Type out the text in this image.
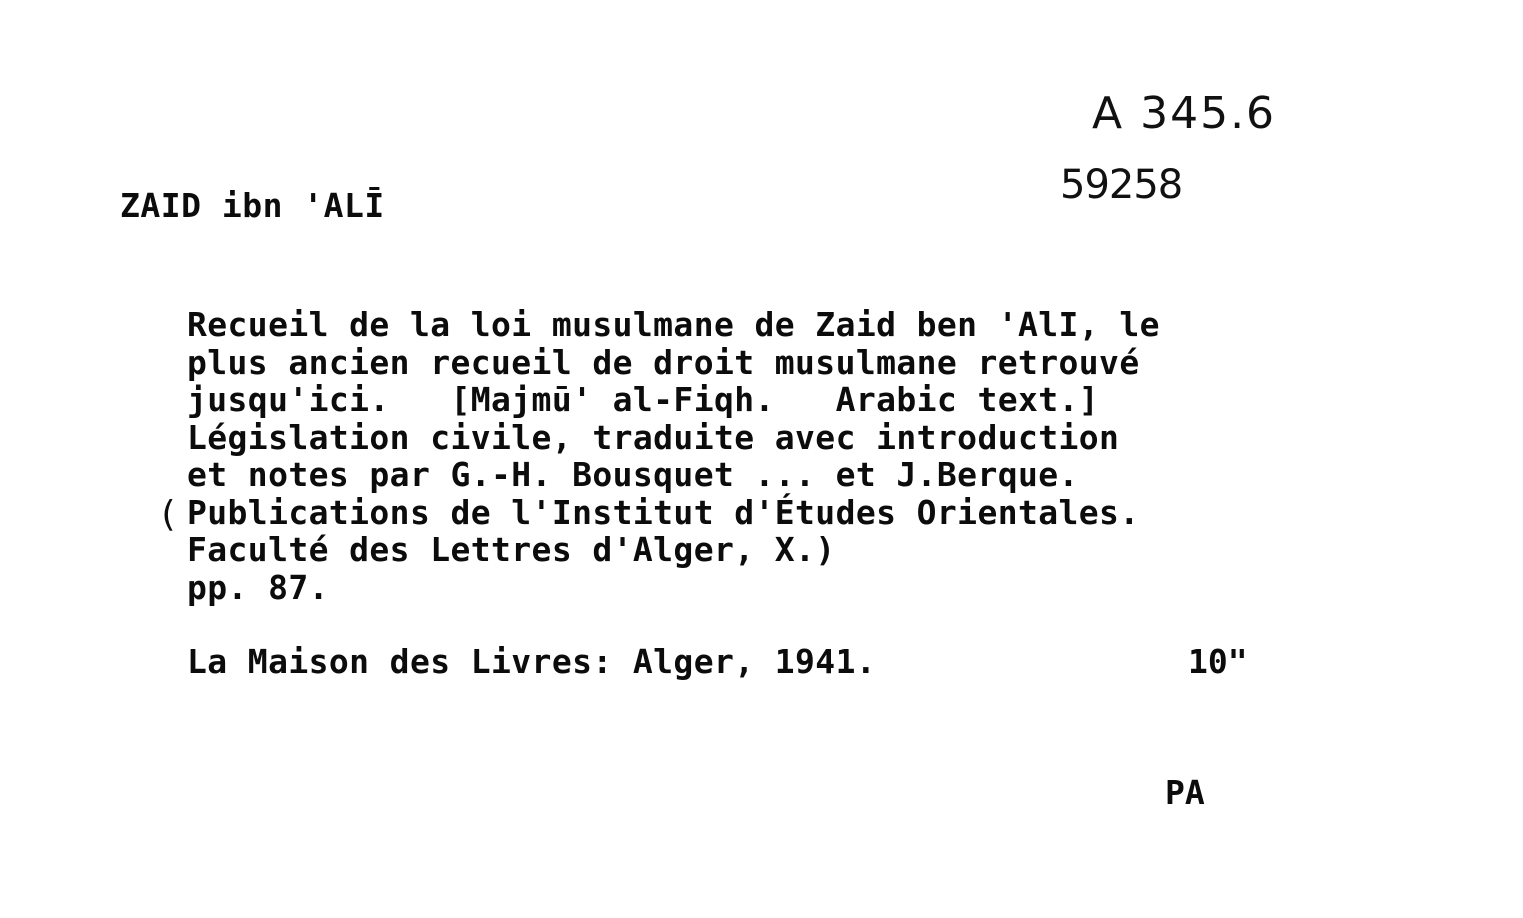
A 345.6
59258
ZAID ibn 'ALĪ
(
Recueil de la loi musulmane de Zaid ben 'AlI, le
plus ancien recueil de droit musulmane retrouvé
jusqu'ici.   [Majmū' al-Fiqh.   Arabic text.]
Législation civile, traduite avec introduction
et notes par G.-H. Bousquet ... et J.Berque.
Publications de l'Institut d'Études Orientales.
Faculté des Lettres d'Alger, X.)
pp. 87.
La Maison des Livres: Alger, 1941.	10"
PA
